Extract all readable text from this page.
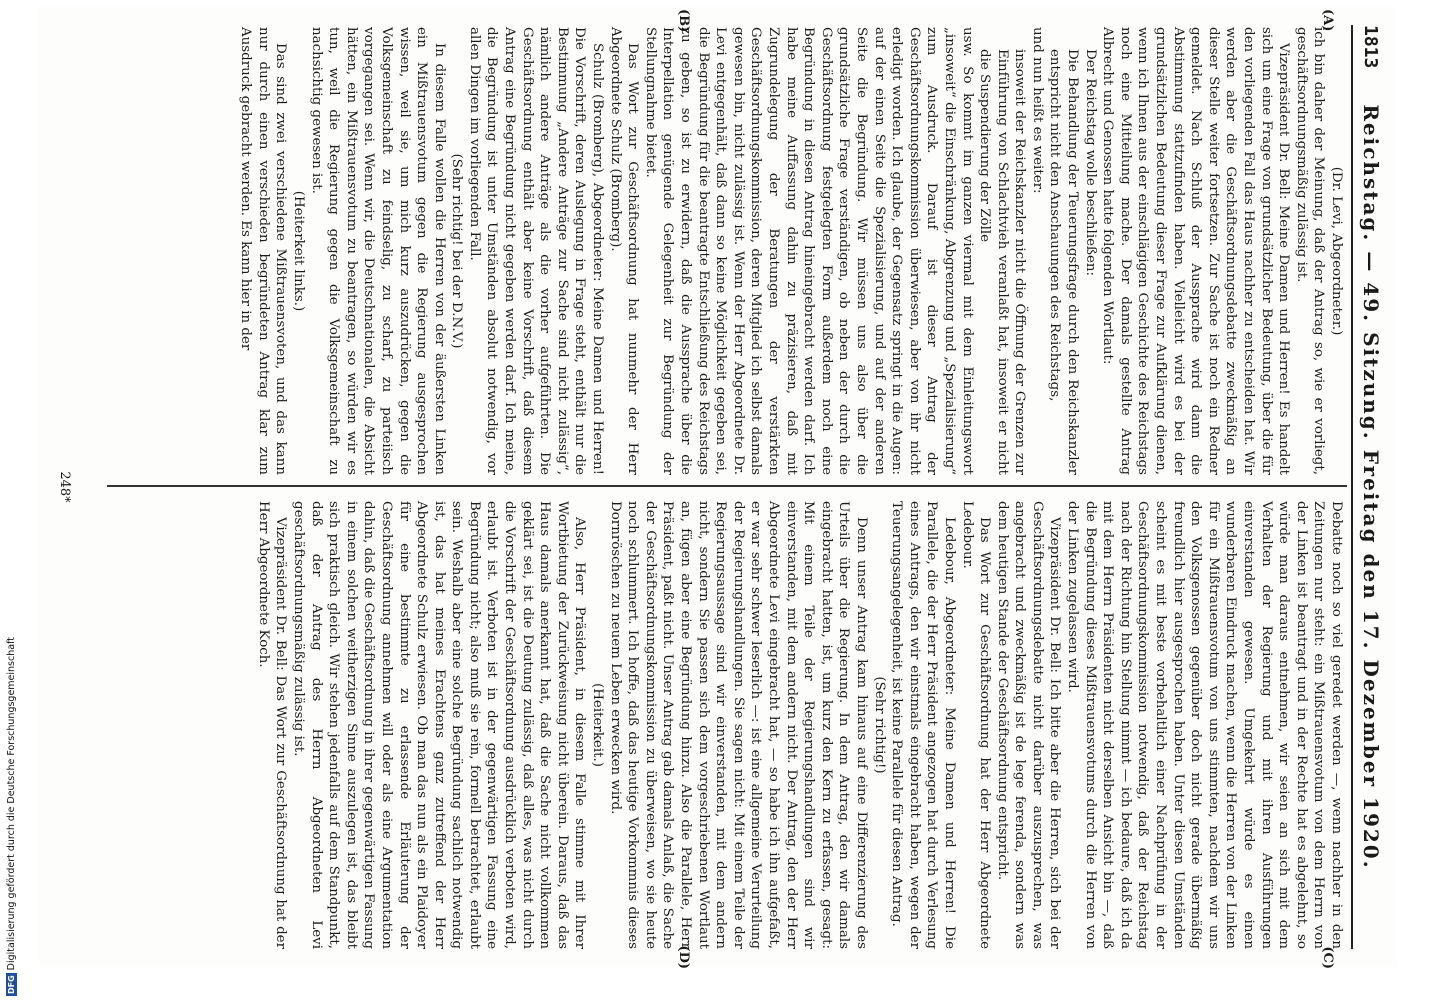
1813
Reichstag. — 49. Sitzung. Freitag den 17. Dezember 1920.
(A)
(B)
(C)
(D)

(Dr. Levi, Abgeordneter.)

ich bin daher der Meinung, daß der Antrag so, wie er vorliegt, geschäftsordnungsmäßig zulässig ist.

Vizepräsident Dr. Bell: Meine Damen und Herren! Es handelt sich um eine Frage von grundsätzlicher Bedeutung, über die für den vorliegenden Fall das Haus nachher zu entscheiden hat. Wir werden aber die Geschäftsordnungsdebatte zweckmäßig an dieser Stelle weiter fortsetzen. Zur Sache ist noch ein Redner gemeldet. Nach Schluß der Aussprache wird dann die Abstimmung stattzufinden haben. Vielleicht wird es bei der grundsätzlichen Bedeutung dieser Frage zur Aufklärung dienen, wenn ich Ihnen aus der einschlägigen Geschichte des Reichstags noch eine Mitteilung mache. Der damals gestellte Antrag Albrecht und Genossen hatte folgenden Wortlaut:

Der Reichstag wolle beschließen:

Die Behandlung der Teuerungsfrage durch den Reichskanzler entspricht nicht den Anschauungen des Reichstags,

und nun heißt es weiter:

insoweit der Reichskanzler nicht die Öffnung der Grenzen zur Einführung von Schlachtvieh veranlaßt hat, insoweit er nicht die Suspendierung der Zölle

usw. So kommt im ganzen viermal mit dem Einleitungswort „insoweit“ die Einschränkung, Abgrenzung und „Spezialisierung“ zum Ausdruck. Darauf ist dieser Antrag der Geschäftsordnungskommission überwiesen, aber von ihr nicht erledigt worden. Ich glaube, der Gegensatz springt in die Augen: auf der einen Seite die Spezialisierung, und auf der anderen Seite die Begründung. Wir müssen uns also über die grundsätzliche Frage verständigen, ob neben der durch die Geschäftsordnung festgelegten Form außerdem noch eine Begründung in diesen Antrag hineingebracht werden darf. Ich habe meine Auffassung dahin zu präzisieren, daß mit Zugrundelegung der Beratungen der verstärkten Geschäftsordnungskommission, deren Mitglied ich selbst damals gewesen bin, nicht zulässig ist. Wenn der Herr Abgeordnete Dr. Levi entgegenhält, daß dann so keine Möglichkeit gegeben sei, die Begründung für die beantragte Entschließung des Reichstags zu geben, so ist zu erwidern, daß die Aussprache über die Interpellation genügende Gelegenheit zur Begründung der Stellungnahme bietet.

Das Wort zur Geschäftsordnung hat nunmehr der Herr Abgeordnete Schulz (Bromberg).

Schulz (Bromberg), Abgeordneter: Meine Damen und Herren! Die Vorschrift, deren Auslegung in Frage steht, enthält nur die Bestimmung „Andere Anträge zur Sache sind nicht zulässig“, nämlich andere Anträge als die vorher aufgeführten. Die Geschäftsordnung enthält aber keine Vorschrift, daß diesem Antrag eine Begründung nicht gegeben werden darf. Ich meine, die Begründung ist unter Umständen absolut notwendig, vor allen Dingen im vorliegenden Fall.

(Sehr richtig! bei der D.N.V.)

In diesem Falle wollen die Herren von der äußersten Linken ein Mißtrauensvotum gegen die Regierung ausgesprochen wissen, weil sie, um mich kurz auszudrücken, gegen die Volksgemeinschaft zu feindselig, zu scharf, zu parteiisch vorgegangen sei. Wenn wir, die Deutschnationalen, die Absicht hätten, ein Mißtrauensvotum zu beantragen, so würden wir es tun, weil die Regierung gegen die Volksgemeinschaft zu nachsichtig gewesen ist.

(Heiterkeit links.)

Das sind zwei verschiedene Mißtrauensvoten, und das kann nur durch einen verschieden begründeten Antrag klar zum Ausdruck gebracht werden. Es kann hier in der

Debatte noch so viel geredet werden —, wenn nachher in den Zeitungen nur steht: ein Mißtrauensvotum von dem Herrn von der Linken ist beantragt und in der Rechte hat es abgelehnt, so würde man daraus entnehmen, wir seien an sich mit dem Verhalten der Regierung und mit ihren Ausführungen einverstanden gewesen. Umgekehrt würde es einen wunderbaren Eindruck machen, wenn die Herren von der Linken für ein Mißtrauensvotum von uns stimmten, nachdem wir uns den Volksgenossen gegenüber doch nicht gerade übermäßig freundlich hier ausgesprochen haben. Unter diesen Umständen scheint es mit beste vorbehaltlich einer Nachprüfung in der Geschäftsordnungskommission notwendig, daß der Reichstag nach der Richtung hin Stellung nimmt — ich bedaure, daß ich da mit dem Herrn Präsidenten nicht derselben Ansicht bin —, daß die Begründung dieses Mißtrauensvotums durch die Herren von der Linken zugelassen wird.

Vizepräsident Dr. Bell: Ich bitte aber die Herren, sich bei der Geschäftsordnungsdebatte nicht darüber auszusprechen, was angebracht und zweckmäßig ist de lege ferenda, sondern was dem heutigen Stande der Geschäftsordnung entspricht.

Das Wort zur Geschäftsordnung hat der Herr Abgeordnete Ledebour.

Ledebour, Abgeordneter: Meine Damen und Herren! Die Parallele, die der Herr Präsident angezogen hat durch Verlesung eines Antrags, den wir einstmals eingebracht haben, wegen der Teuerungsangelegenheit, ist keine Parallele für diesen Antrag.

(Sehr richtig!)

Denn unser Antrag kam hinaus auf eine Differenzierung des Urteils über die Regierung. In dem Antrag, den wir damals eingebracht hatten, ist, um kurz den Kern zu erfassen, gesagt: Mit einem Teile der Regierungshandlungen sind wir einverstanden, mit dem andern nicht. Der Antrag, den der Herr Abgeordnete Levi eingebracht hat, — so habe ich ihn aufgefaßt, er war sehr schwer leserlich —: ist eine allgemeine Verurteilung der Regierungshandlungen. Sie sagen nicht: Mit einem Teile der Regierungsaussage sind wir einverstanden, mit dem andern nicht, sondern Sie passen sich dem vorgeschriebenen Wortlaut an, fügen aber eine Begründung hinzu. Also die Parallele, Herr Präsident, paßt nicht. Unser Antrag gab damals Anlaß, die Sache der Geschäftsordnungskommission zu überweisen, wo sie heute noch schlummert. Ich hoffe, daß das heutige Vorkommnis dieses Dornröschen zu neuem Leben erwecken wird.

(Heiterkeit.)

Also, Herr Präsident, in diesem Falle stimme mit Ihrer Wortbietung der Zurückweisung nicht überein. Daraus, daß das Haus damals anerkannt hat, daß die Sache nicht vollkommen geklärt sei, ist die Deutung zulässig, daß alles, was nicht durch die Vorschrift der Geschäftsordnung ausdrücklich verboten wird, erlaubt ist. Verboten ist in der gegenwärtigen Fassung eine Begründung nicht; also muß sie rein, formell betrachtet, erlaubt sein. Weshalb aber eine solche Begründung sachlich notwendig ist, das hat meines Erachtens ganz zutreffend der Herr Abgeordnete Schulz erwiesen. Ob man das nun als ein Plaidoyer für eine bestimmte zu erlassende Erläuterung der Geschäftsordnung annehmen will oder als eine Argumentation dahin, daß die Geschäftsordnung in ihrer gegenwärtigen Fassung in einem solchen weitherzigen Sinne auszulegen ist, das bleibt sich praktisch gleich. Wir stehen jedenfalls auf dem Standpunkt, daß der Antrag des Herrn Abgeordneten Levi geschäftsordnungsmäßig zulässig ist.

Vizepräsident Dr. Bell: Das Wort zur Geschäftsordnung hat der Herr Abgeordnete Koch.

248*
DFG
Digitalisierung gefördert durch die Deutsche Forschungsgemeinschaft
